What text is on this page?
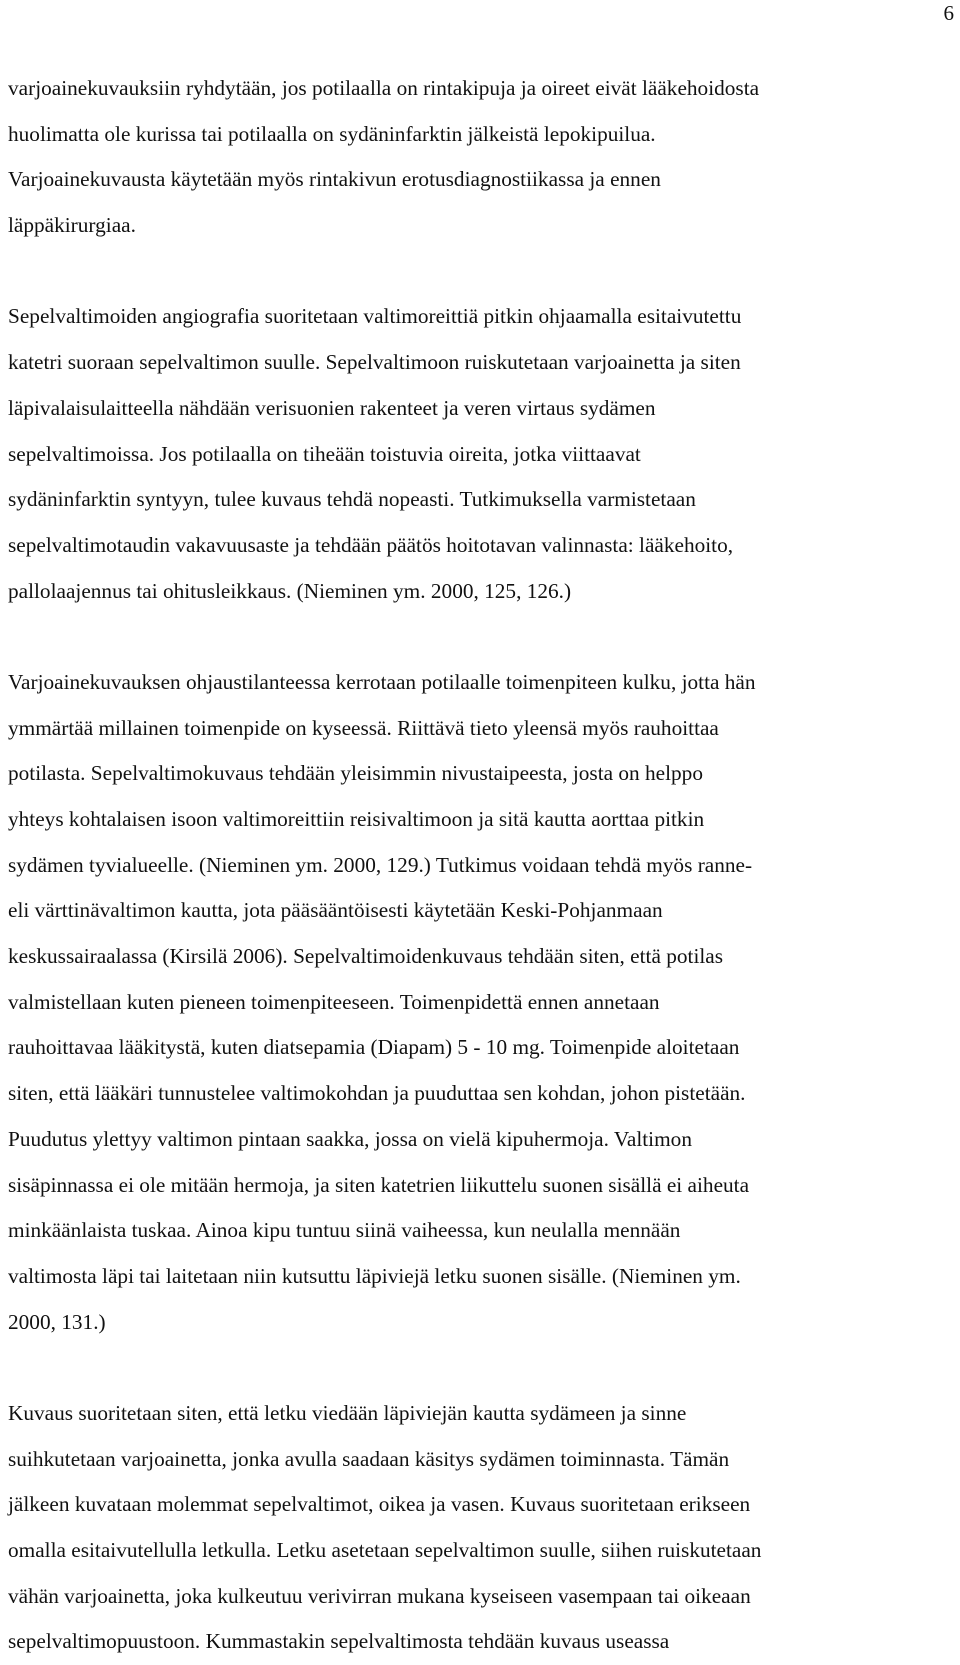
6

varjoainekuvauksiin ryhdytään, jos potilaalla on rintakipuja ja oireet eivät lääkehoidosta
huolimatta ole kurissa tai potilaalla on sydäninfarktin jälkeistä lepokipuilua.
Varjoainekuvausta käytetään myös rintakivun erotusdiagnostiikassa ja ennen
läppäkirurgiaa.

Sepelvaltimoiden angiografia suoritetaan valtimoreittiä pitkin ohjaamalla esitaivutettu
katetri suoraan sepelvaltimon suulle. Sepelvaltimoon ruiskutetaan varjoainetta ja siten
läpivalaisulaitteella nähdään verisuonien rakenteet ja veren virtaus sydämen
sepelvaltimoissa. Jos potilaalla on tiheään toistuvia oireita, jotka viittaavat
sydäninfarktin syntyyn, tulee kuvaus tehdä nopeasti. Tutkimuksella varmistetaan
sepelvaltimotaudin vakavuusaste ja tehdään päätös hoitotavan valinnasta: lääkehoito,
pallolaajennus tai ohitusleikkaus. (Nieminen ym. 2000, 125, 126.)

Varjoainekuvauksen ohjaustilanteessa kerrotaan potilaalle toimenpiteen kulku, jotta hän
ymmärtää millainen toimenpide on kyseessä. Riittävä tieto yleensä myös rauhoittaa
potilasta. Sepelvaltimokuvaus tehdään yleisimmin nivustaipeesta, josta on helppo
yhteys kohtalaisen isoon valtimoreittiin reisivaltimoon ja sitä kautta aorttaa pitkin
sydämen tyvialueelle. (Nieminen ym. 2000, 129.) Tutkimus voidaan tehdä myös ranne-
eli värttinävaltimon kautta, jota pääsääntöisesti käytetään Keski-Pohjanmaan
keskussairaalassa (Kirsilä 2006). Sepelvaltimoidenkuvaus tehdään siten, että potilas
valmistellaan kuten pieneen toimenpiteeseen. Toimenpidettä ennen annetaan
rauhoittavaa lääkitystä, kuten diatsepamia (Diapam) 5 - 10 mg. Toimenpide aloitetaan
siten, että lääkäri tunnustelee valtimokohdan ja puuduttaa sen kohdan, johon pistetään.
Puudutus ylettyy valtimon pintaan saakka, jossa on vielä kipuhermoja. Valtimon
sisäpinnassa ei ole mitään hermoja, ja siten katetrien liikuttelu suonen sisällä ei aiheuta
minkäänlaista tuskaa. Ainoa kipu tuntuu siinä vaiheessa, kun neulalla mennään
valtimosta läpi tai laitetaan niin kutsuttu läpiviejä letku suonen sisälle. (Nieminen ym.
2000, 131.)

Kuvaus suoritetaan siten, että letku viedään läpiviejän kautta sydämeen ja sinne
suihkutetaan varjoainetta, jonka avulla saadaan käsitys sydämen toiminnasta. Tämän
jälkeen kuvataan molemmat sepelvaltimot, oikea ja vasen. Kuvaus suoritetaan erikseen
omalla esitaivutellulla letkulla. Letku asetetaan sepelvaltimon suulle, siihen ruiskutetaan
vähän varjoainetta, joka kulkeutuu verivirran mukana kyseiseen vasempaan tai oikeaan
sepelvaltimopuustoon. Kummastakin sepelvaltimosta tehdään kuvaus useassa
